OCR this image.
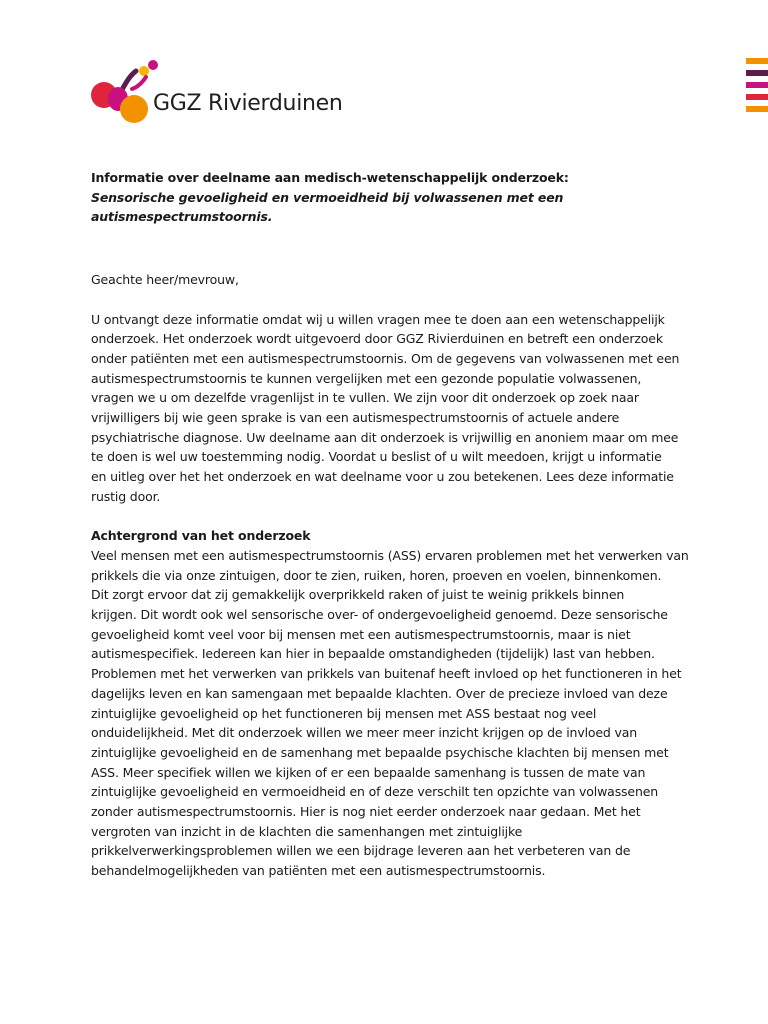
GGZ Rivierduinen

Informatie over deelname aan medisch-wetenschappelijk onderzoek:

Sensorische gevoeligheid en vermoeidheid bij volwassenen met een autismespectrumstoornis.

Geachte heer/mevrouw,

U ontvangt deze informatie omdat wij u willen vragen mee te doen aan een wetenschappelijk
onderzoek. Het onderzoek wordt uitgevoerd door GGZ Rivierduinen en betreft een onderzoek
onder patiënten met een autismespectrumstoornis. Om de gegevens van volwassenen met een
autismespectrumstoornis te kunnen vergelijken met een gezonde populatie volwassenen,
vragen we u om dezelfde vragenlijst in te vullen. We zijn voor dit onderzoek op zoek naar
vrijwilligers bij wie geen sprake is van een autismespectrumstoornis of actuele andere
psychiatrische diagnose. Uw deelname aan dit onderzoek is vrijwillig en anoniem maar om mee
te doen is wel uw toestemming nodig. Voordat u beslist of u wilt meedoen, krijgt u informatie
en uitleg over het het onderzoek en wat deelname voor u zou betekenen. Lees deze informatie
rustig door.

Achtergrond van het onderzoek

Veel mensen met een autismespectrumstoornis (ASS) ervaren problemen met het verwerken van
prikkels die via onze zintuigen, door te zien, ruiken, horen, proeven en voelen, binnenkomen.
Dit zorgt ervoor dat zij gemakkelijk overprikkeld raken of juist te weinig prikkels binnen
krijgen. Dit wordt ook wel sensorische over- of ondergevoeligheid genoemd. Deze sensorische
gevoeligheid komt veel voor bij mensen met een autismespectrumstoornis, maar is niet
autismespecifiek. Iedereen kan hier in bepaalde omstandigheden (tijdelijk) last van hebben.
Problemen met het verwerken van prikkels van buitenaf heeft invloed op het functioneren in het
dagelijks leven en kan samengaan met bepaalde klachten. Over de precieze invloed van deze
zintuiglijke gevoeligheid op het functioneren bij mensen met ASS bestaat nog veel
onduidelijkheid. Met dit onderzoek willen we meer meer inzicht krijgen op de invloed van
zintuiglijke gevoeligheid en de samenhang met bepaalde psychische klachten bij mensen met
ASS. Meer specifiek willen we kijken of er een bepaalde samenhang is tussen de mate van
zintuiglijke gevoeligheid en vermoeidheid en of deze verschilt ten opzichte van volwassenen
zonder autismespectrumstoornis. Hier is nog niet eerder onderzoek naar gedaan. Met het
vergroten van inzicht in de klachten die samenhangen met zintuiglijke
prikkelverwerkingsproblemen willen we een bijdrage leveren aan het verbeteren van de
behandelmogelijkheden van patiënten met een autismespectrumstoornis.
